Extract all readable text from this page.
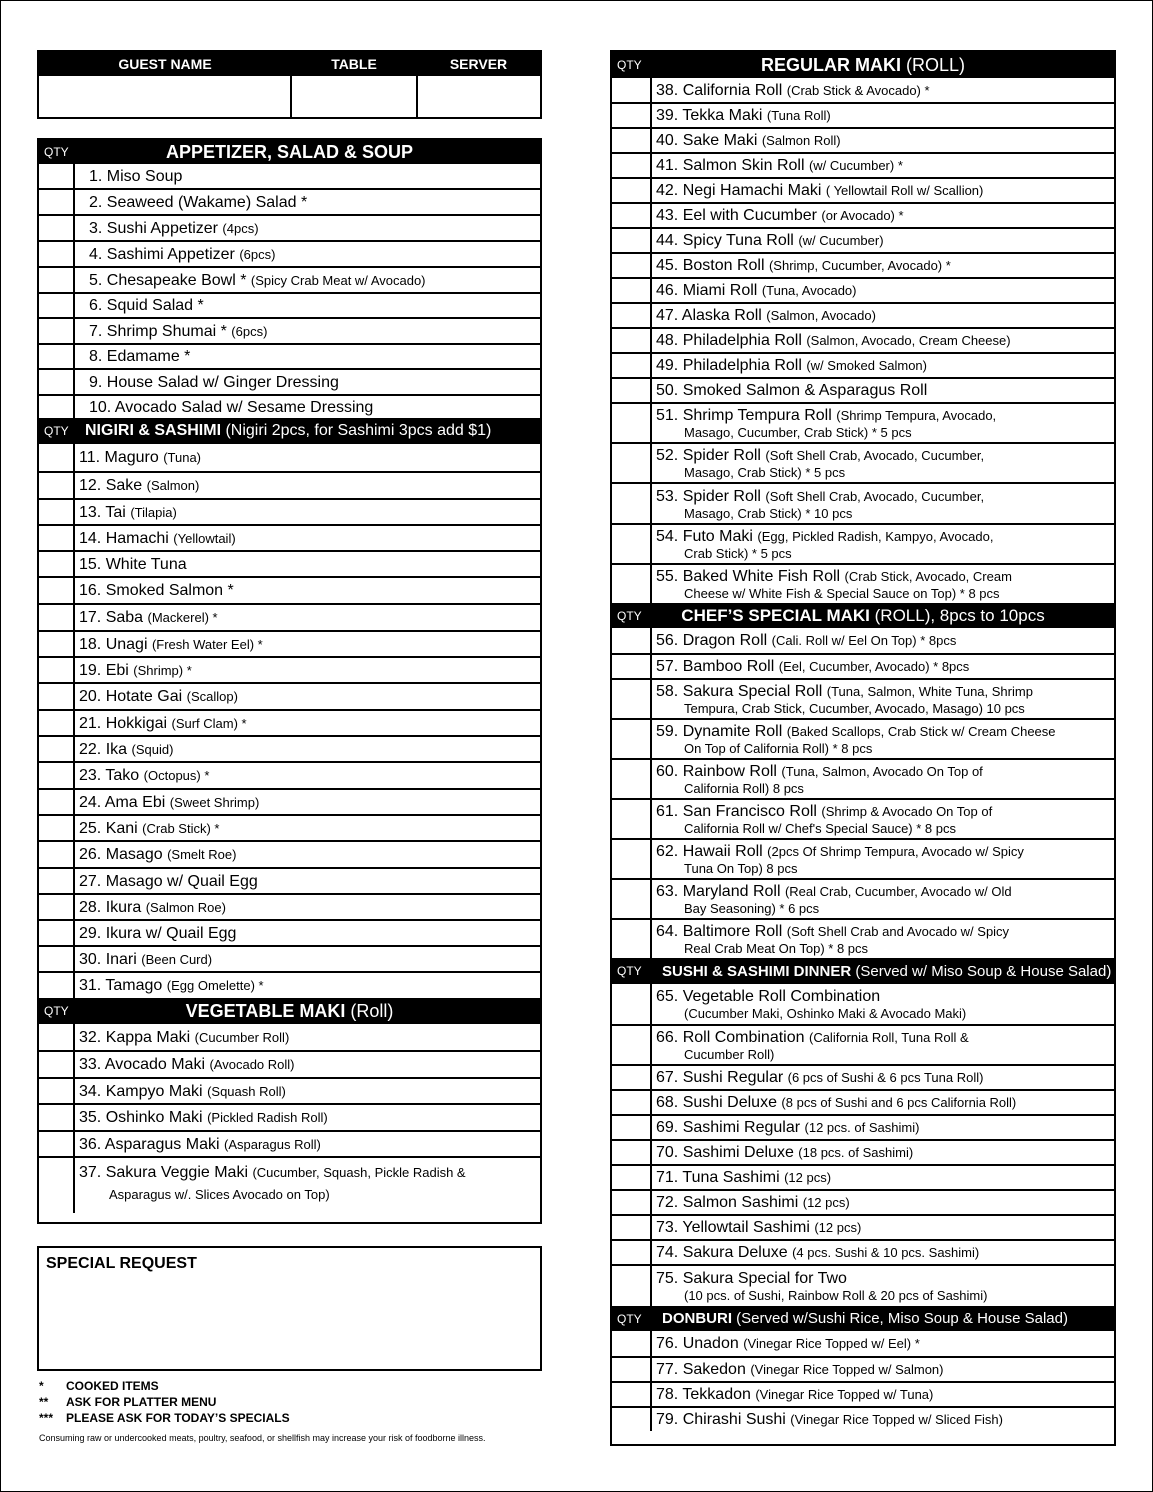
GUEST NAME	TABLE	SERVER
QTY	APPETIZER, SALAD & SOUP
1. Miso Soup
2. Seaweed (Wakame) Salad *
3. Sushi Appetizer (4pcs)
4. Sashimi Appetizer (6pcs)
5. Chesapeake Bowl * (Spicy Crab Meat w/ Avocado)
6. Squid Salad *
7. Shrimp Shumai * (6pcs)
8. Edamame *
9. House Salad w/ Ginger Dressing
10. Avocado Salad w/ Sesame Dressing
QTY	NIGIRI & SASHIMI (Nigiri 2pcs, for Sashimi 3pcs add $1)
11. Maguro (Tuna)
12. Sake (Salmon)
13. Tai (Tilapia)
14. Hamachi (Yellowtail)
15. White Tuna
16. Smoked Salmon *
17. Saba (Mackerel) *
18. Unagi (Fresh Water Eel) *
19. Ebi (Shrimp) *
20. Hotate Gai (Scallop)
21. Hokkigai (Surf Clam) *
22. Ika (Squid)
23. Tako (Octopus) *
24. Ama Ebi (Sweet Shrimp)
25. Kani (Crab Stick) *
26. Masago (Smelt Roe)
27. Masago w/ Quail Egg
28. Ikura (Salmon Roe)
29. Ikura w/ Quail Egg
30. Inari (Been Curd)
31. Tamago (Egg Omelette) *
QTY	VEGETABLE MAKI (Roll)
32. Kappa Maki (Cucumber Roll)
33. Avocado Maki (Avocado Roll)
34. Kampyo Maki (Squash Roll)
35. Oshinko Maki (Pickled Radish Roll)
36. Asparagus Maki (Asparagus Roll)
37. Sakura Veggie Maki (Cucumber, Squash, Pickle Radish &
Asparagus w/. Slices Avocado on Top)
QTY	REGULAR MAKI (ROLL)
38. California Roll (Crab Stick & Avocado) *
39. Tekka Maki (Tuna Roll)
40. Sake Maki (Salmon Roll)
41. Salmon Skin Roll (w/ Cucumber) *
42. Negi Hamachi Maki ( Yellowtail Roll w/ Scallion)
43. Eel with Cucumber (or Avocado) *
44. Spicy Tuna Roll (w/ Cucumber)
45. Boston Roll (Shrimp, Cucumber, Avocado) *
46. Miami Roll (Tuna, Avocado)
47. Alaska Roll (Salmon, Avocado)
48. Philadelphia Roll (Salmon, Avocado, Cream Cheese)
49. Philadelphia Roll (w/ Smoked Salmon)
50. Smoked Salmon & Asparagus Roll
51. Shrimp Tempura Roll (Shrimp Tempura, Avocado,
Masago, Cucumber, Crab Stick) * 5 pcs
52. Spider Roll (Soft Shell Crab, Avocado, Cucumber,
Masago, Crab Stick) * 5 pcs
53. Spider Roll (Soft Shell Crab, Avocado, Cucumber,
Masago, Crab Stick) * 10 pcs
54. Futo Maki (Egg, Pickled Radish, Kampyo, Avocado,
Crab Stick) * 5 pcs
55. Baked White Fish Roll (Crab Stick, Avocado, Cream
Cheese w/ White Fish & Special Sauce on Top) * 8 pcs
QTY	CHEF’S SPECIAL MAKI (ROLL), 8pcs to 10pcs
56. Dragon Roll (Cali. Roll w/ Eel On Top) * 8pcs
57. Bamboo Roll (Eel, Cucumber, Avocado) * 8pcs
58. Sakura Special Roll (Tuna, Salmon, White Tuna, Shrimp
Tempura, Crab Stick, Cucumber, Avocado, Masago) 10 pcs
59. Dynamite Roll (Baked Scallops, Crab Stick w/ Cream Cheese
On Top of California Roll) * 8 pcs
60. Rainbow Roll (Tuna, Salmon, Avocado On Top of
California Roll) 8 pcs
61. San Francisco Roll (Shrimp & Avocado On Top of
California Roll w/ Chef's Special Sauce) * 8 pcs
62. Hawaii Roll (2pcs Of Shrimp Tempura, Avocado w/ Spicy
Tuna On Top) 8 pcs
63. Maryland Roll (Real Crab, Cucumber, Avocado w/ Old
Bay Seasoning) * 6 pcs
64. Baltimore Roll (Soft Shell Crab and Avocado w/ Spicy
Real Crab Meat On Top) * 8 pcs
QTY	SUSHI & SASHIMI DINNER (Served w/ Miso Soup & House Salad)
65. Vegetable Roll Combination
(Cucumber Maki, Oshinko Maki & Avocado Maki)
66. Roll Combination (California Roll, Tuna Roll &
Cucumber Roll)
67. Sushi Regular (6 pcs of Sushi & 6 pcs Tuna Roll)
68. Sushi Deluxe (8 pcs of Sushi and 6 pcs California Roll)
69. Sashimi Regular (12 pcs. of Sashimi)
70. Sashimi Deluxe (18 pcs. of Sashimi)
71. Tuna Sashimi (12 pcs)
72. Salmon Sashimi (12 pcs)
73. Yellowtail Sashimi (12 pcs)
74. Sakura Deluxe (4 pcs. Sushi & 10 pcs. Sashimi)
75. Sakura Special for Two
(10 pcs. of Sushi, Rainbow Roll & 20 pcs of Sashimi)
QTY	DONBURI (Served w/Sushi Rice, Miso Soup & House Salad)
76. Unadon (Vinegar Rice Topped w/ Eel) *
77. Sakedon (Vinegar Rice Topped w/ Salmon)
78. Tekkadon (Vinegar Rice Topped w/ Tuna)
79. Chirashi Sushi (Vinegar Rice Topped w/ Sliced Fish)
SPECIAL REQUEST
*	COOKED ITEMS
**	ASK FOR PLATTER MENU
***	PLEASE ASK FOR TODAY’S SPECIALS
Consuming raw or undercooked meats, poultry, seafood, or shellfish may increase your risk of foodborne illness.
